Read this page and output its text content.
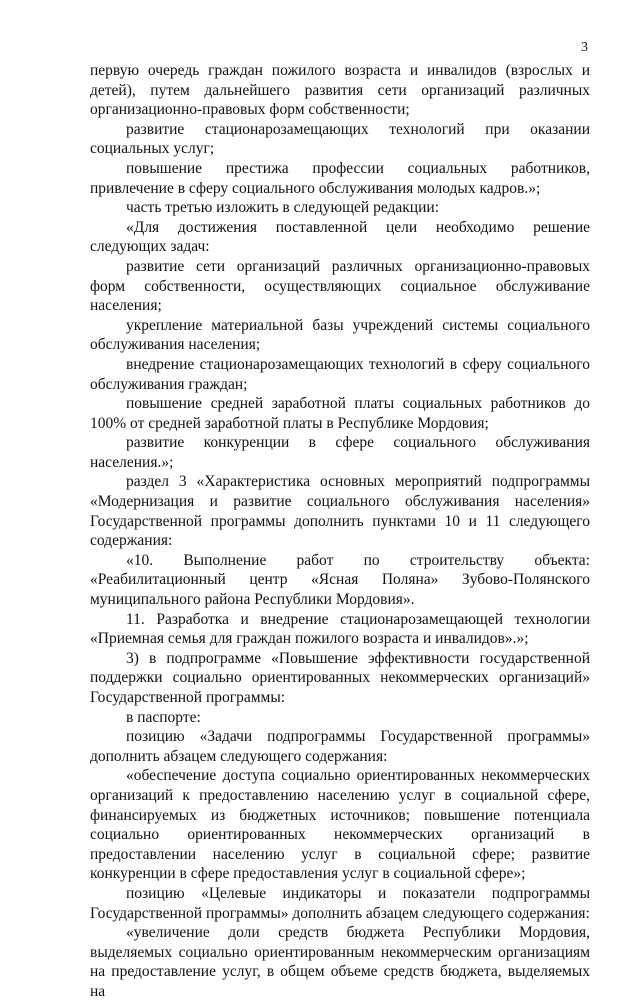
3

первую очередь граждан пожилого возраста и инвалидов (взрослых и детей), путем дальнейшего развития сети организаций различных организационно-правовых форм собственности;

развитие стационарозамещающих технологий при оказании социальных услуг;

повышение престижа профессии социальных работников, привлечение в сферу социального обслуживания молодых кадров.»;

часть третью изложить в следующей редакции:

«Для достижения поставленной цели необходимо решение следующих задач:

развитие сети организаций различных организационно-правовых форм собственности, осуществляющих социальное обслуживание населения;

укрепление материальной базы учреждений системы социального обслуживания населения;

внедрение стационарозамещающих технологий в сферу социального обслуживания граждан;

повышение средней заработной платы социальных работников до 100% от средней заработной платы в Республике Мордовия;

развитие конкуренции в сфере социального обслуживания населения.»;

раздел 3 «Характеристика основных мероприятий подпрограммы «Модернизация и развитие социального обслуживания населения» Государственной программы дополнить пунктами 10 и 11 следующего содержания:

«10. Выполнение работ по строительству объекта: «Реабилитационный центр «Ясная Поляна» Зубово-Полянского муниципального района Республики Мордовия».

11. Разработка и внедрение стационарозамещающей технологии «Приемная семья для граждан пожилого возраста и инвалидов».»;

3) в подпрограмме «Повышение эффективности государственной поддержки социально ориентированных некоммерческих организаций» Государственной программы:

в паспорте:

позицию «Задачи подпрограммы Государственной программы» дополнить абзацем следующего содержания:

«обеспечение доступа социально ориентированных некоммерческих организаций к предоставлению населению услуг в социальной сфере, финансируемых из бюджетных источников; повышение потенциала социально ориентированных некоммерческих организаций в предоставлении населению услуг в социальной сфере; развитие конкуренции в сфере предоставления услуг в социальной сфере»;

позицию «Целевые индикаторы и показатели подпрограммы Государственной программы» дополнить абзацем следующего содержания:

«увеличение доли средств бюджета Республики Мордовия, выделяемых социально ориентированным некоммерческим организациям на предоставление услуг, в общем объеме средств бюджета, выделяемых на
